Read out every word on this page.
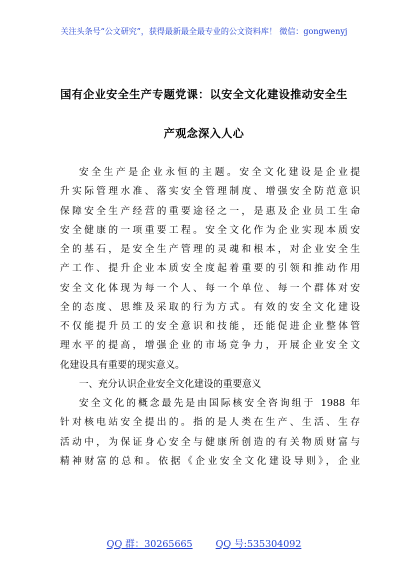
关注头条号“公文研究”，获得最新最全最专业的公文资料库！ 微信：gongwenyj
国有企业安全生产专题党课：以安全文化建设推动安全生
产观念深入人心
安全生产是企业永恒的主题。安全文化建设是企业提
升实际管理水准、落实安全管理制度、增强安全防范意识
保障安全生产经营的重要途径之一，是惠及企业员工生命
安全健康的一项重要工程。安全文化作为企业实现本质安
全的基石，是安全生产管理的灵魂和根本，对企业安全生
产工作、提升企业本质安全度起着重要的引领和推动作用
安全文化体现为每一个人、每一个单位、每一个群体对安
全的态度、思维及采取的行为方式。有效的安全文化建设
不仅能提升员工的安全意识和技能，还能促进企业整体管
理水平的提高，增强企业的市场竞争力，开展企业安全文
化建设具有重要的现实意义。
一、充分认识企业安全文化建设的重要意义
安全文化的概念最先是由国际核安全咨询组于 1988 年
针对核电站安全提出的。指的是人类在生产、生活、生存
活动中，为保证身心安全与健康所创造的有关物质财富与
精神财富的总和。依据《企业安全文化建设导则》，企业
QQ 群：30265665 QQ 号:535304092
